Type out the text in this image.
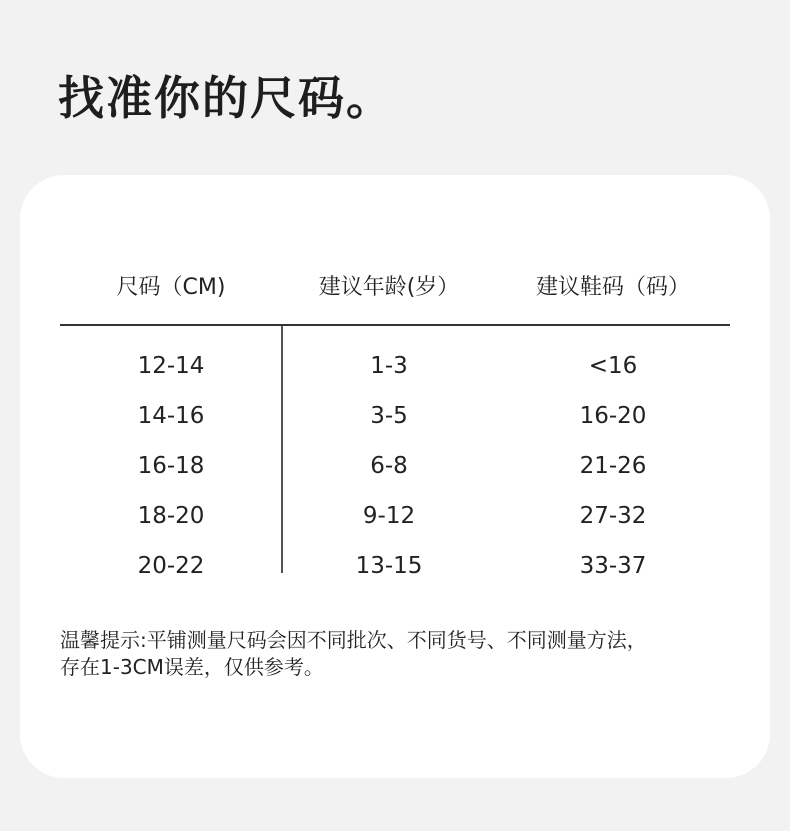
找准你的尺码。
尺码（CM)	建议年龄(岁）	建议鞋码（码）
12-14	1-3	<16
14-16	3-5	16-20
16-18	6-8	21-26
18-20	9-12	27-32
20-22	13-15	33-37

温馨提示:平铺测量尺码会因不同批次、不同货号、不同测量方法，

存在1-3CM误差，仅供参考。
